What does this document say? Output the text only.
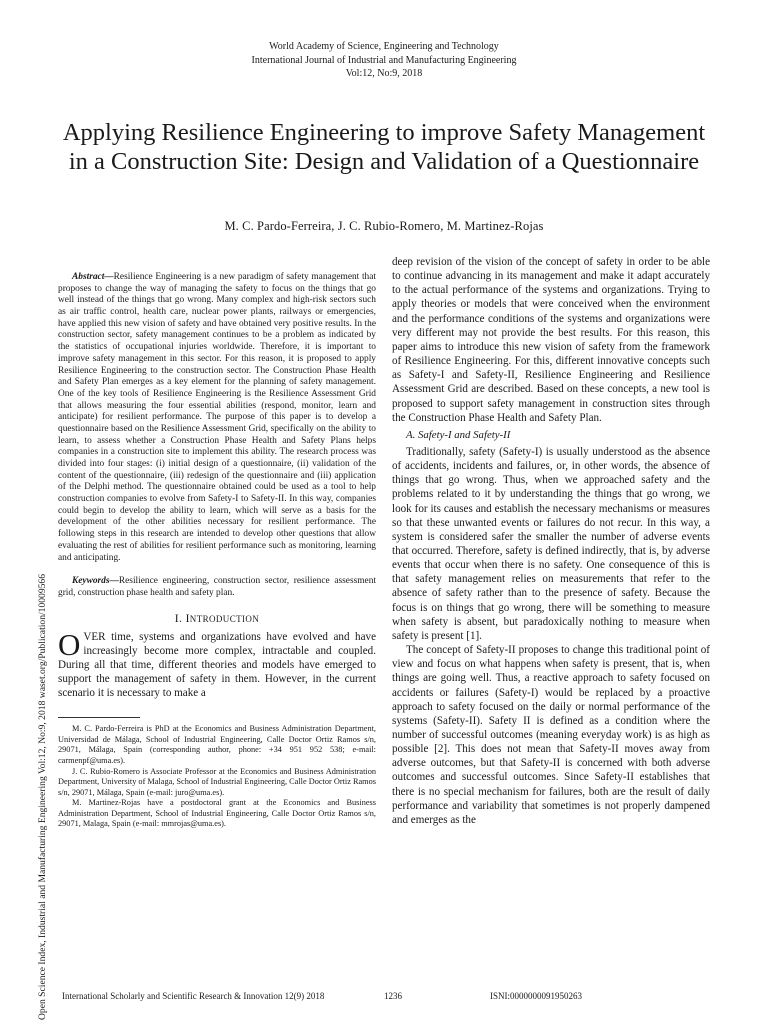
World Academy of Science, Engineering and Technology
International Journal of Industrial and Manufacturing Engineering
Vol:12, No:9, 2018
Applying Resilience Engineering to improve Safety Management in a Construction Site: Design and Validation of a Questionnaire
M. C. Pardo-Ferreira, J. C. Rubio-Romero, M. Martinez-Rojas
Open Science Index, Industrial and Manufacturing Engineering Vol:12, No:9, 2018 waset.org/Publication/10009566

Abstract—Resilience Engineering is a new paradigm of safety management that proposes to change the way of managing the safety to focus on the things that go well instead of the things that go wrong. Many complex and high-risk sectors such as air traffic control, health care, nuclear power plants, railways or emergencies, have applied this new vision of safety and have obtained very positive results. In the construction sector, safety management continues to be a problem as indicated by the statistics of occupational injuries worldwide. Therefore, it is important to improve safety management in this sector. For this reason, it is proposed to apply Resilience Engineering to the construction sector. The Construction Phase Health and Safety Plan emerges as a key element for the planning of safety management. One of the key tools of Resilience Engineering is the Resilience Assessment Grid that allows measuring the four essential abilities (respond, monitor, learn and anticipate) for resilient performance. The purpose of this paper is to develop a questionnaire based on the Resilience Assessment Grid, specifically on the ability to learn, to assess whether a Construction Phase Health and Safety Plans helps companies in a construction site to implement this ability. The research process was divided into four stages: (i) initial design of a questionnaire, (ii) validation of the content of the questionnaire, (iii) redesign of the questionnaire and (iii) application of the Delphi method. The questionnaire obtained could be used as a tool to help construction companies to evolve from Safety-I to Safety-II. In this way, companies could begin to develop the ability to learn, which will serve as a basis for the development of the other abilities necessary for resilient performance. The following steps in this research are intended to develop other questions that allow evaluating the rest of abilities for resilient performance such as monitoring, learning and anticipating.

Keywords—Resilience engineering, construction sector, resilience assessment grid, construction phase health and safety plan.

I. INTRODUCTION

OVER time, systems and organizations have evolved and have increasingly become more complex, intractable and coupled. During all that time, different theories and models have emerged to support the management of safety in them. However, in the current scenario it is necessary to make a

M. C. Pardo-Ferreira is PhD at the Economics and Business Administration Department, Universidad de Málaga, School of Industrial Engineering, Calle Doctor Ortiz Ramos s/n, 29071, Málaga, Spain (corresponding author, phone: +34 951 952 538; e-mail: carmenpf@uma.es).

J. C. Rubio-Romero is Associate Professor at the Economics and Business Administration Department, University of Malaga, School of Industrial Engineering, Calle Doctor Ortiz Ramos s/n, 29071, Málaga, Spain (e-mail: juro@uma.es).

M. Martinez-Rojas have a postdoctoral grant at the Economics and Business Administration Department, School of Industrial Engineering, Calle Doctor Ortiz Ramos s/n, 29071, Malaga, Spain (e-mail: mmrojas@uma.es).

deep revision of the vision of the concept of safety in order to be able to continue advancing in its management and make it adapt accurately to the actual performance of the systems and organizations. Trying to apply theories or models that were conceived when the environment and the performance conditions of the systems and organizations were very different may not provide the best results. For this reason, this paper aims to introduce this new vision of safety from the framework of Resilience Engineering. For this, different innovative concepts such as Safety-I and Safety-II, Resilience Engineering and Resilience Assessment Grid are described. Based on these concepts, a new tool is proposed to support safety management in construction sites through the Construction Phase Health and Safety Plan.

A. Safety-I and Safety-II

Traditionally, safety (Safety-I) is usually understood as the absence of accidents, incidents and failures, or, in other words, the absence of things that go wrong. Thus, when we approached safety and the problems related to it by understanding the things that go wrong, we look for its causes and establish the necessary mechanisms or measures so that these unwanted events or failures do not recur. In this way, a system is considered safer the smaller the number of adverse events that occurred. Therefore, safety is defined indirectly, that is, by adverse events that occur when there is no safety. One consequence of this is that safety management relies on measurements that refer to the absence of safety rather than to the presence of safety. Because the focus is on things that go wrong, there will be something to measure when safety is absent, but paradoxically nothing to measure when safety is present [1].

The concept of Safety-II proposes to change this traditional point of view and focus on what happens when safety is present, that is, when things are going well. Thus, a reactive approach to safety focused on accidents or failures (Safety-I) would be replaced by a proactive approach to safety focused on the daily or normal performance of the systems (Safety-II). Safety II is defined as a condition where the number of successful outcomes (meaning everyday work) is as high as possible [2]. This does not mean that Safety-II moves away from adverse outcomes, but that Safety-II is concerned with both adverse outcomes and successful outcomes. Since Safety-II establishes that there is no special mechanism for failures, both are the result of daily performance and variability that sometimes is not properly dampened and emerges as the

International Scholarly and Scientific Research & Innovation 12(9) 2018	1236	ISNI:0000000091950263
